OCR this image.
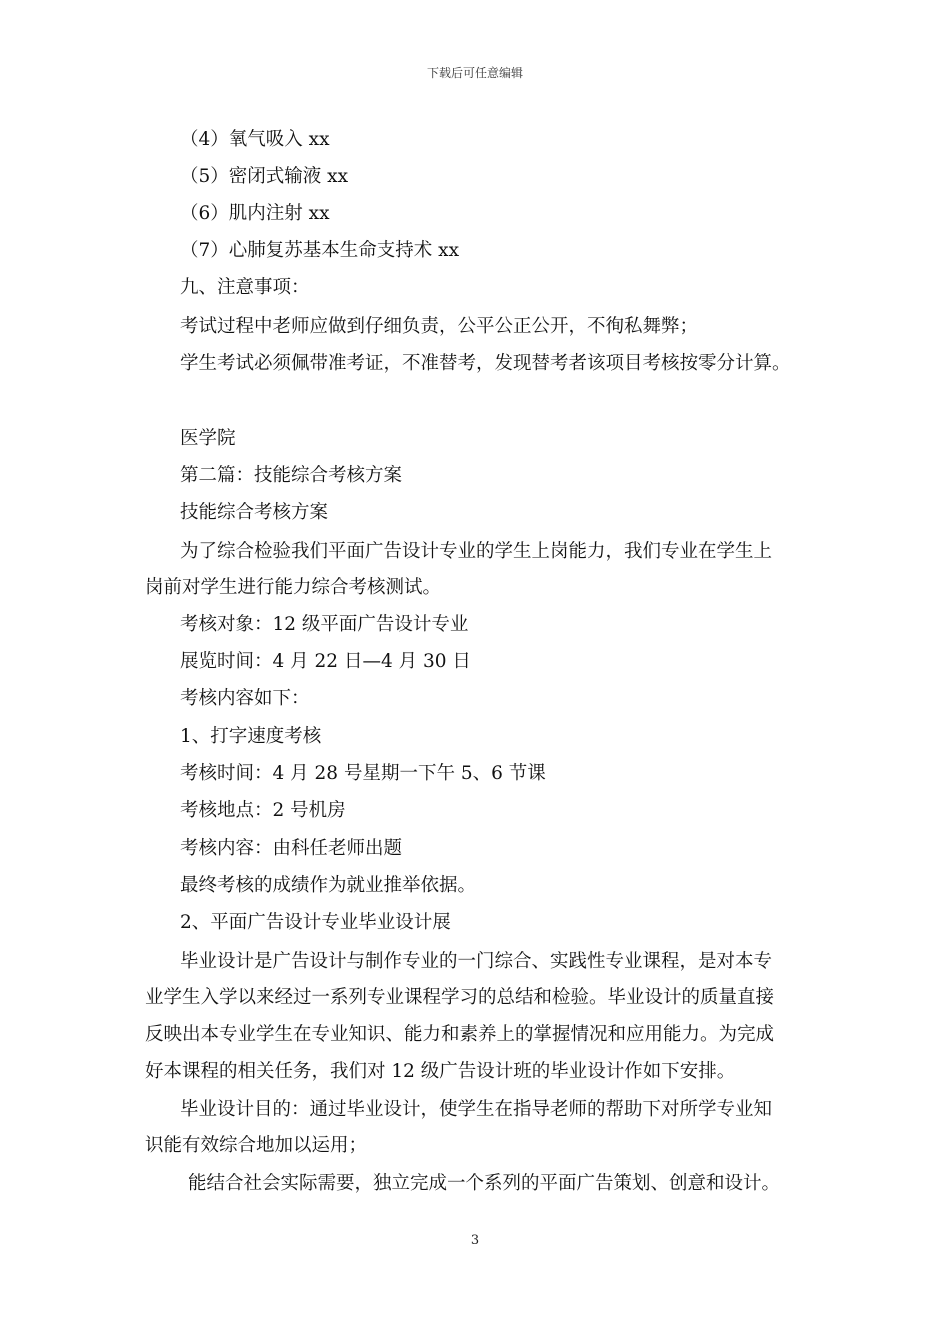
下载后可任意编辑
（4）氧气吸入 xx
（5）密闭式输液 xx
（6）肌内注射 xx
（7）心肺复苏基本生命支持术 xx
九、注意事项：
考试过程中老师应做到仔细负责，公平公正公开，不徇私舞弊；
学生考试必须佩带准考证，不准替考，发现替考者该项目考核按零分计算。
医学院
第二篇：技能综合考核方案
技能综合考核方案
为了综合检验我们平面广告设计专业的学生上岗能力，我们专业在学生上
岗前对学生进行能力综合考核测试。
考核对象：12 级平面广告设计专业
展览时间：4 月 22 日—4 月 30 日
考核内容如下：
1、打字速度考核
考核时间：4 月 28 号星期一下午 5、6 节课
考核地点：2 号机房
考核内容：由科任老师出题
最终考核的成绩作为就业推举依据。
2、平面广告设计专业毕业设计展
毕业设计是广告设计与制作专业的一门综合、实践性专业课程，是对本专
业学生入学以来经过一系列专业课程学习的总结和检验。毕业设计的质量直接
反映出本专业学生在专业知识、能力和素养上的掌握情况和应用能力。为完成
好本课程的相关任务，我们对 12 级广告设计班的毕业设计作如下安排。
毕业设计目的：通过毕业设计，使学生在指导老师的帮助下对所学专业知
识能有效综合地加以运用；
能结合社会实际需要，独立完成一个系列的平面广告策划、创意和设计。
3
